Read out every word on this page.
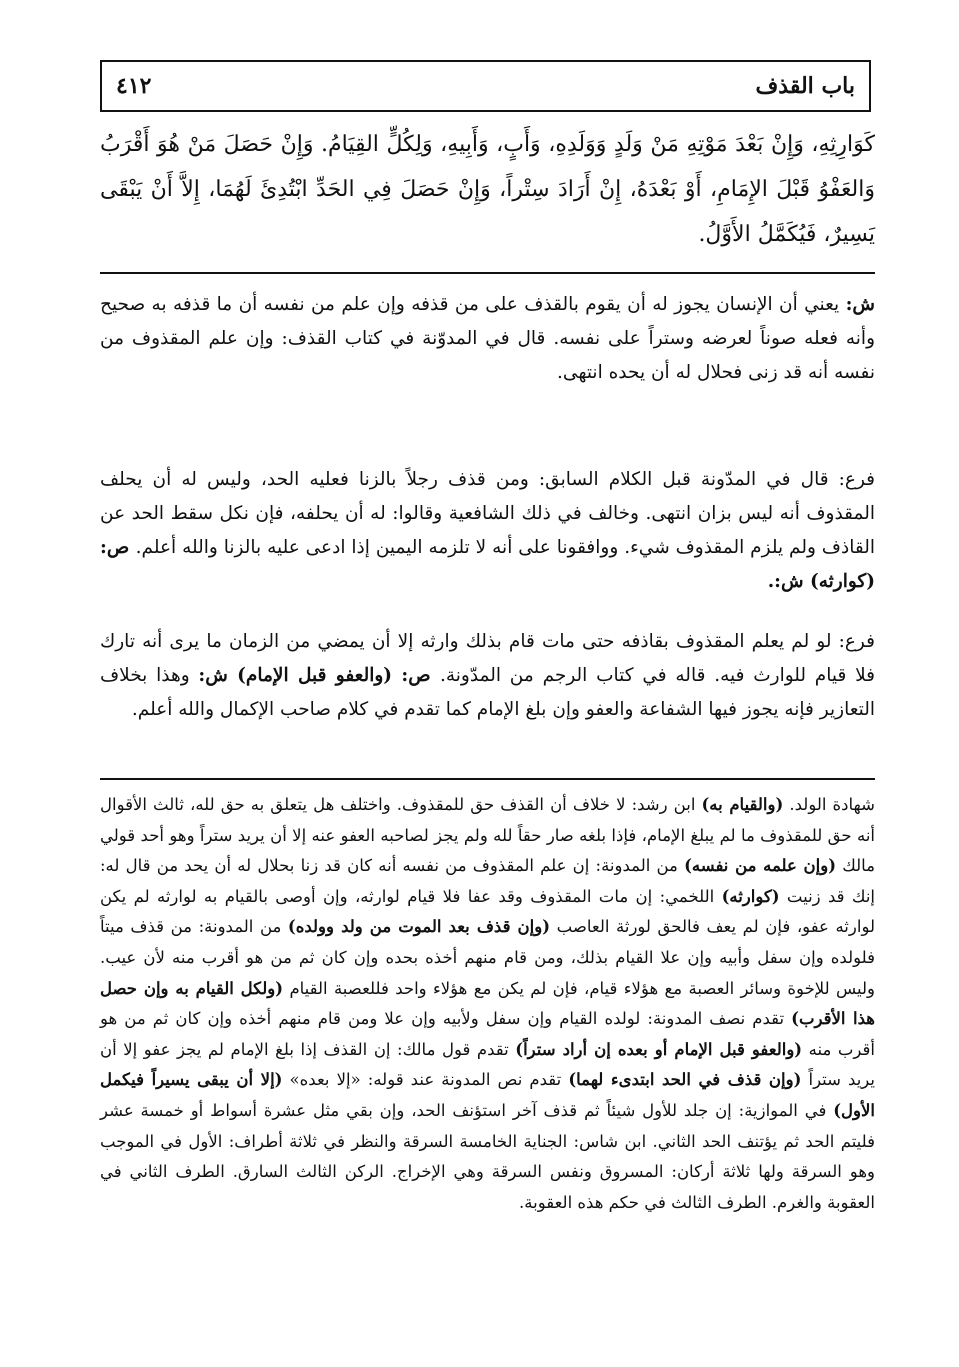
باب القذف
٤١٢

كَوَارِثِهِ، وَإِنْ بَعْدَ مَوْتِهِ مَنْ وَلَدٍ وَوَلَدِهِ، وَأَبٍ، وَأَبِيهِ، وَلِكُلٍّ القِيَامُ. وَإِنْ حَصَلَ مَنْ هُوَ أَقْرَبُ وَالعَفْوُ قَبْلَ الإِمَامِ، أَوْ بَعْدَهُ، إِنْ أَرَادَ سِتْراً، وَإِنْ حَصَلَ فِي الحَدِّ ابْتُدِئَ لَهُمَا، إِلاَّ أَنْ يَبْقَى يَسِيرٌ، فَيُكَمَّلُ الأَوَّلُ.

ش: يعني أن الإنسان يجوز له أن يقوم بالقذف على من قذفه وإن علم من نفسه أن ما قذفه به صحيح وأنه فعله صوناً لعرضه وستراً على نفسه. قال في المدوّنة في كتاب القذف: وإن علم المقذوف من نفسه أنه قد زنى فحلال له أن يحده انتهى.

فرع: قال في المدّونة قبل الكلام السابق: ومن قذف رجلاً بالزنا فعليه الحد، وليس له أن يحلف المقذوف أنه ليس بزان انتهى. وخالف في ذلك الشافعية وقالوا: له أن يحلفه، فإن نكل سقط الحد عن القاذف ولم يلزم المقذوف شيء. ووافقونا على أنه لا تلزمه اليمين إذا ادعى عليه بالزنا والله أعلم. ص: (كوارثه) ش:.

فرع: لو لم يعلم المقذوف بقاذفه حتى مات قام بذلك وارثه إلا أن يمضي من الزمان ما يرى أنه تارك فلا قيام للوارث فيه. قاله في كتاب الرجم من المدّونة. ص: (والعفو قبل الإمام) ش: وهذا بخلاف التعازير فإنه يجوز فيها الشفاعة والعفو وإن بلغ الإمام كما تقدم في كلام صاحب الإكمال والله أعلم.

شهادة الولد. (والقيام به) ابن رشد: لا خلاف أن القذف حق للمقذوف. واختلف هل يتعلق به حق لله، ثالث الأقوال أنه حق للمقذوف ما لم يبلغ الإمام، فإذا بلغه صار حقاً لله ولم يجز لصاحبه العفو عنه إلا أن يريد ستراً وهو أحد قولي مالك (وإن علمه من نفسه) من المدونة: إن علم المقذوف من نفسه أنه كان قد زنا بحلال له أن يحد من قال له: إنك قد زنيت (كوارثه) اللخمي: إن مات المقذوف وقد عفا فلا قيام لوارثه، وإن أوصى بالقيام به لوارثه لم يكن لوارثه عفو، فإن لم يعف فالحق لورثة العاصب (وإن قذف بعد الموت من ولد وولده) من المدونة: من قذف ميتاً فلولده وإن سفل وأبيه وإن علا القيام بذلك، ومن قام منهم أخذه بحده وإن كان ثم من هو أقرب منه لأن عيب. وليس للإخوة وسائر العصبة مع هؤلاء قيام، فإن لم يكن مع هؤلاء واحد فللعصبة القيام (ولكل القيام به وإن حصل هذا الأقرب) تقدم نصف المدونة: لولده القيام وإن سفل ولأبيه وإن علا ومن قام منهم أخذه وإن كان ثم من هو أقرب منه (والعفو قبل الإمام أو بعده إن أراد ستراً) تقدم قول مالك: إن القذف إذا بلغ الإمام لم يجز عفو إلا أن يريد ستراً (وإن قذف في الحد ابتدىء لهما) تقدم نص المدونة عند قوله: «إلا بعده» (إلا أن يبقى يسيراً فيكمل الأول) في الموازية: إن جلد للأول شيئاً ثم قذف آخر استؤنف الحد، وإن بقي مثل عشرة أسواط أو خمسة عشر فليتم الحد ثم يؤتنف الحد الثاني. ابن شاس: الجناية الخامسة السرقة والنظر في ثلاثة أطراف: الأول في الموجب وهو السرقة ولها ثلاثة أركان: المسروق ونفس السرقة وهي الإخراج. الركن الثالث السارق. الطرف الثاني في العقوبة والغرم. الطرف الثالث في حكم هذه العقوبة.
